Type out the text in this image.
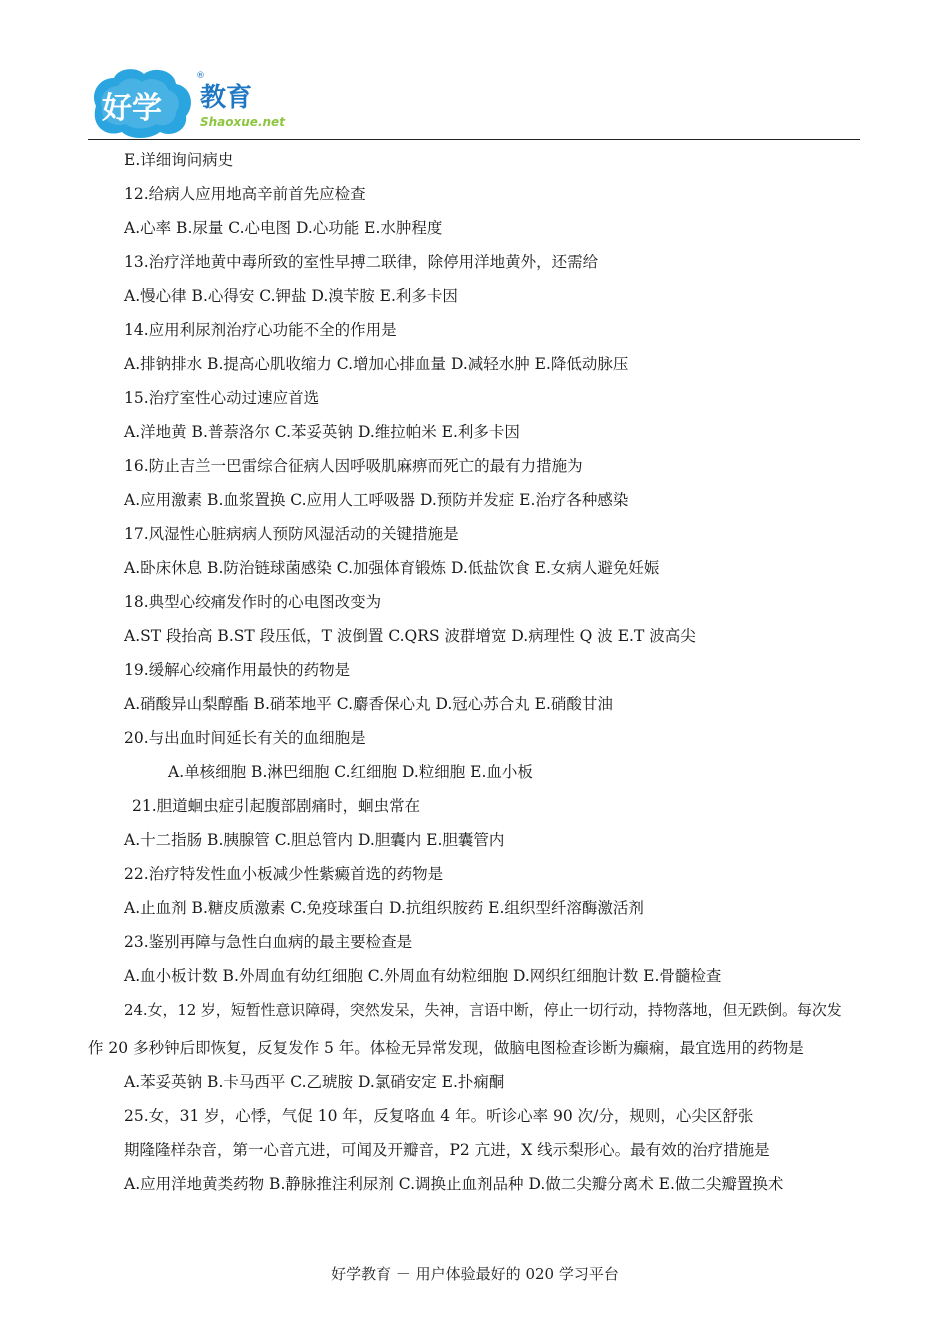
好学 教育
Shaoxue.net
®
E.详细询问病史
12.给病人应用地高辛前首先应检查
A.心率 B.尿量 C.心电图 D.心功能 E.水肿程度
13.治疗洋地黄中毒所致的室性早搏二联律，除停用洋地黄外，还需给
A.慢心律 B.心得安 C.钾盐 D.溴苄胺 E.利多卡因
14.应用利尿剂治疗心功能不全的作用是
A.排钠排水 B.提高心肌收缩力 C.增加心排血量 D.减轻水肿 E.降低动脉压
15.治疗室性心动过速应首选
A.洋地黄 B.普萘洛尔 C.苯妥英钠 D.维拉帕米 E.利多卡因
16.防止吉兰一巴雷综合征病人因呼吸肌麻痹而死亡的最有力措施为
A.应用激素 B.血浆置换 C.应用人工呼吸器 D.预防并发症 E.治疗各种感染
17.风湿性心脏病病人预防风湿活动的关键措施是
A.卧床休息 B.防治链球菌感染 C.加强体育锻炼 D.低盐饮食 E.女病人避免妊娠
18.典型心绞痛发作时的心电图改变为
A.ST 段抬高 B.ST 段压低，T 波倒置 C.QRS 波群增宽 D.病理性 Q 波 E.T 波高尖
19.缓解心绞痛作用最快的药物是
A.硝酸异山梨醇酯 B.硝苯地平 C.麝香保心丸 D.冠心苏合丸 E.硝酸甘油
20.与出血时间延长有关的血细胞是
A.单核细胞 B.淋巴细胞 C.红细胞 D.粒细胞 E.血小板
21.胆道蛔虫症引起腹部剧痛时，蛔虫常在
A.十二指肠 B.胰腺管 C.胆总管内 D.胆囊内 E.胆囊管内
22.治疗特发性血小板减少性紫癜首选的药物是
A.止血剂 B.糖皮质激素 C.免疫球蛋白 D.抗组织胺药 E.组织型纤溶酶激活剂
23.鉴别再障与急性白血病的最主要检查是
A.血小板计数 B.外周血有幼红细胞 C.外周血有幼粒细胞 D.网织红细胞计数 E.骨髓检查
24.女，12 岁，短暂性意识障碍，突然发呆，失神，言语中断，停止一切行动，持物落地，但无跌倒。每次发
作 20 多秒钟后即恢复，反复发作 5 年。体检无异常发现，做脑电图检查诊断为癫痫，最宜选用的药物是
A.苯妥英钠 B.卡马西平 C.乙琥胺 D.氯硝安定 E.扑痫酮
25.女，31 岁，心悸，气促 10 年，反复咯血 4 年。听诊心率 90 次/分，规则，心尖区舒张
期隆隆样杂音，第一心音亢进，可闻及开瓣音，P2 亢进，X 线示梨形心。最有效的治疗措施是
A.应用洋地黄类药物 B.静脉推注利尿剂 C.调换止血剂品种 D.做二尖瓣分离术 E.做二尖瓣置换术
好学教育 － 用户体验最好的 020 学习平台
